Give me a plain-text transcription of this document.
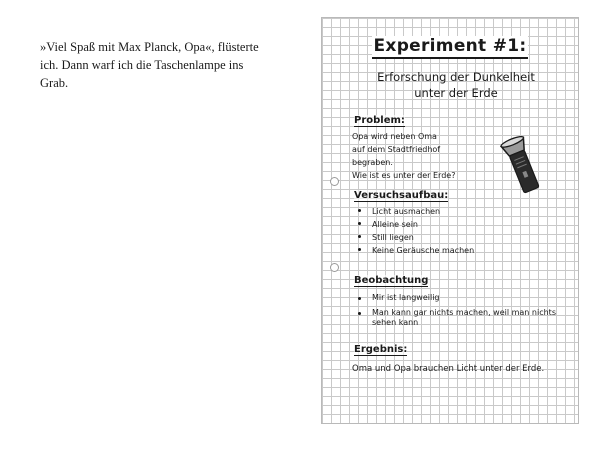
»Viel Spaß mit Max Planck, Opa«, flüsterte

ich. Dann warf ich die Taschenlampe ins

Grab.

Experiment #1:
Erforschung der Dunkelheit
unter der Erde
Problem:
Opa wird neben Oma
auf dem Stadtfriedhof
begraben.
Wie ist es unter der Erde?
Versuchsaufbau:
Licht ausmachen
Alleine sein
Still liegen
Keine Geräusche machen
Beobachtung
Mir ist langweilig
Man kann gar nichts machen, weil man nichts
sehen kann
Ergebnis:
Oma und Opa brauchen Licht unter der Erde.
